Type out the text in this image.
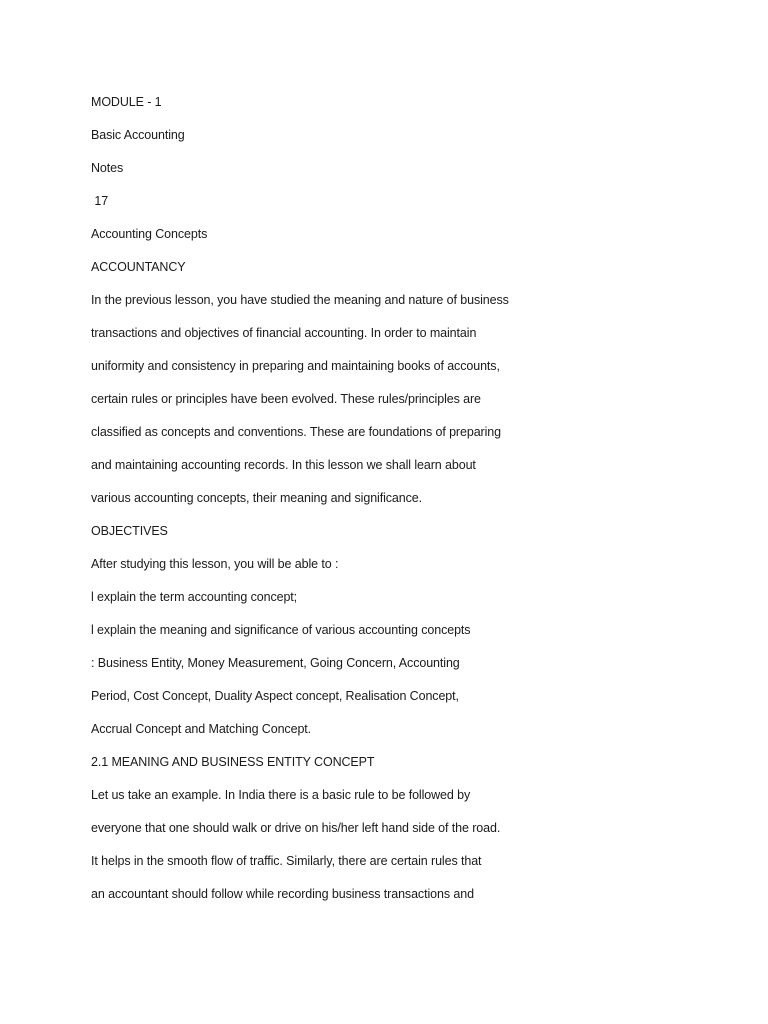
MODULE - 1
Basic Accounting
Notes
17
Accounting Concepts
ACCOUNTANCY
In the previous lesson, you have studied the meaning and nature of business
transactions and objectives of financial accounting. In order to maintain
uniformity and consistency in preparing and maintaining books of accounts,
certain rules or principles have been evolved. These rules/principles are
classified as concepts and conventions. These are foundations of preparing
and maintaining accounting records. In this lesson we shall learn about
various accounting concepts, their meaning and significance.
OBJECTIVES
After studying this lesson, you will be able to :
l explain the term accounting concept;
l explain the meaning and significance of various accounting concepts
: Business Entity, Money Measurement, Going Concern, Accounting
Period, Cost Concept, Duality Aspect concept, Realisation Concept,
Accrual Concept and Matching Concept.
2.1 MEANING AND BUSINESS ENTITY CONCEPT
Let us take an example. In India there is a basic rule to be followed by
everyone that one should walk or drive on his/her left hand side of the road.
It helps in the smooth flow of traffic. Similarly, there are certain rules that
an accountant should follow while recording business transactions and
